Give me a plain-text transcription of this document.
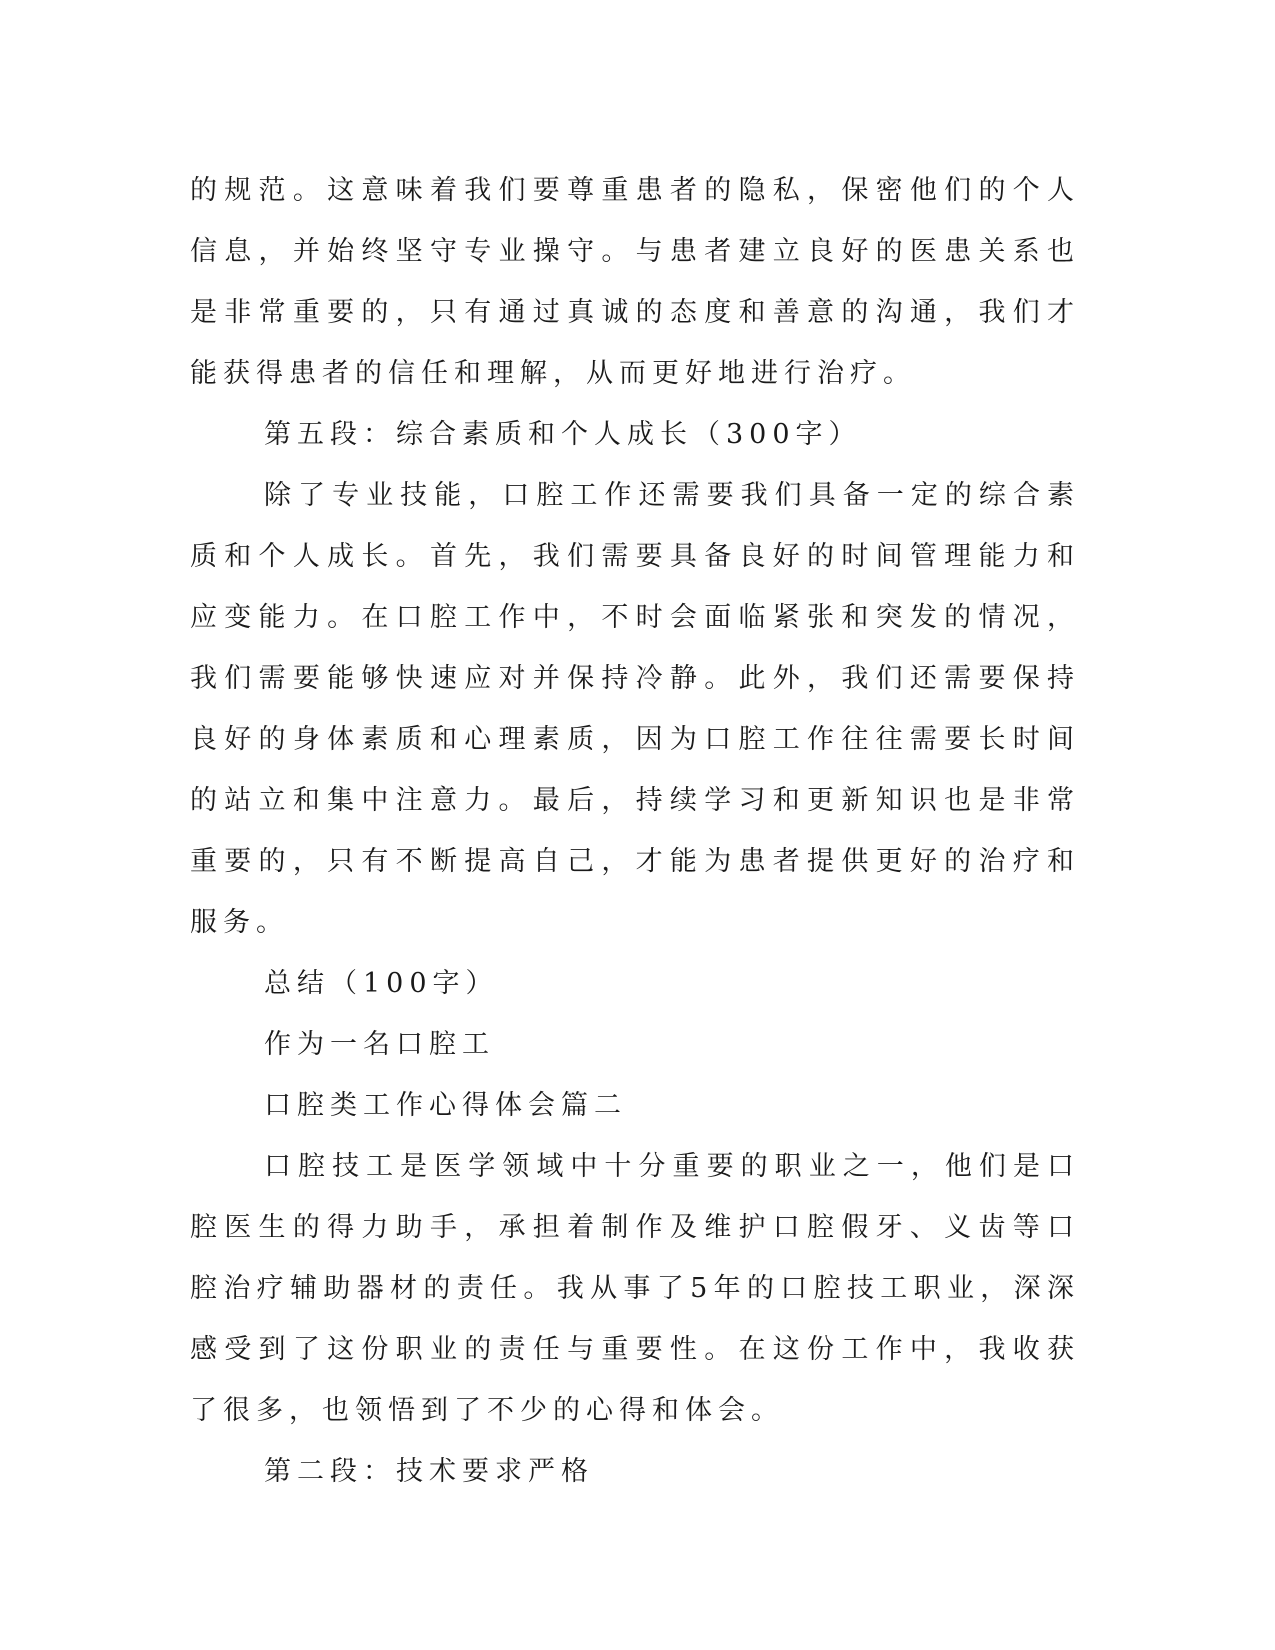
的规范。这意味着我们要尊重患者的隐私，保密他们的个人信息，并始终坚守专业操守。与患者建立良好的医患关系也是非常重要的，只有通过真诚的态度和善意的沟通，我们才能获得患者的信任和理解，从而更好地进行治疗。

第五段：综合素质和个人成长（300字）

除了专业技能，口腔工作还需要我们具备一定的综合素质和个人成长。首先，我们需要具备良好的时间管理能力和应变能力。在口腔工作中，不时会面临紧张和突发的情况，我们需要能够快速应对并保持冷静。此外，我们还需要保持良好的身体素质和心理素质，因为口腔工作往往需要长时间的站立和集中注意力。最后，持续学习和更新知识也是非常重要的，只有不断提高自己，才能为患者提供更好的治疗和服务。

总结（100字）

作为一名口腔工

口腔类工作心得体会篇二

口腔技工是医学领域中十分重要的职业之一，他们是口腔医生的得力助手，承担着制作及维护口腔假牙、义齿等口腔治疗辅助器材的责任。我从事了5年的口腔技工职业，深深感受到了这份职业的责任与重要性。在这份工作中，我收获了很多，也领悟到了不少的心得和体会。

第二段：技术要求严格
